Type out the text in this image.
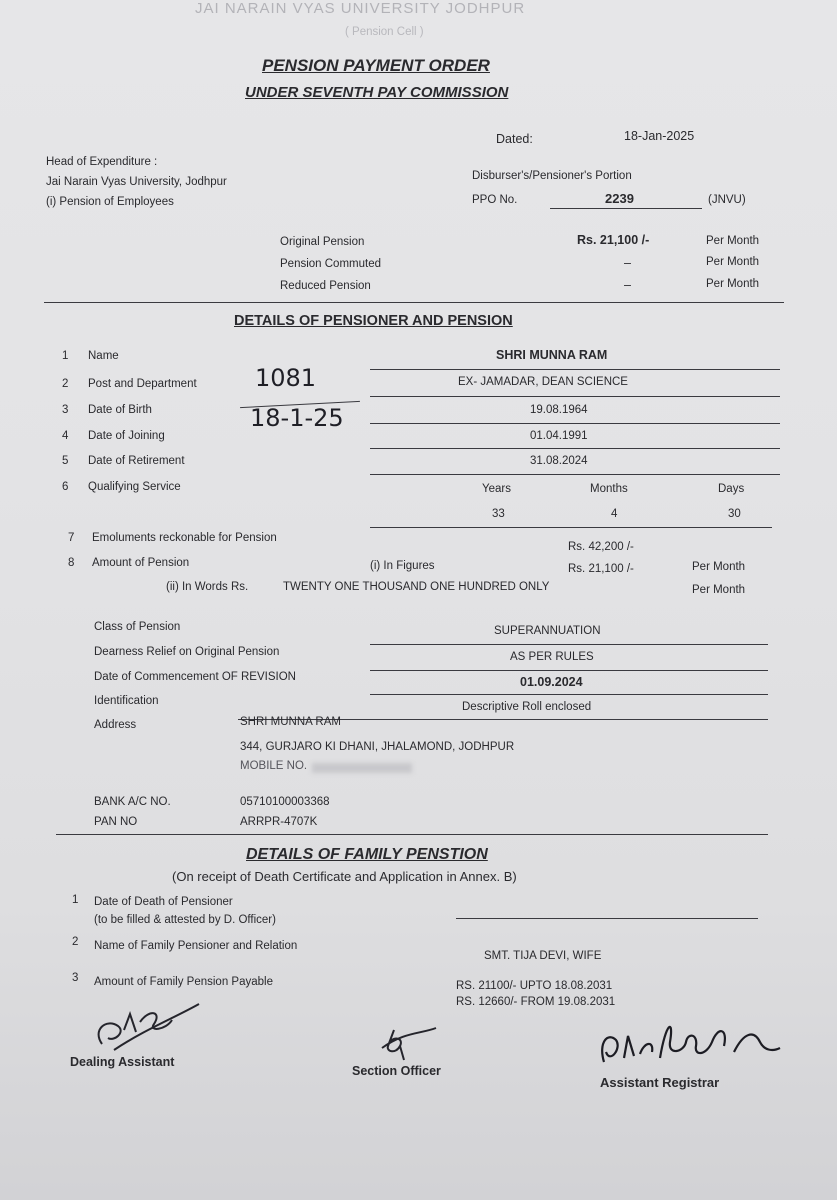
JAI NARAIN VYAS UNIVERSITY JODHPUR
( Pension Cell )
PENSION PAYMENT ORDER
UNDER SEVENTH PAY COMMISSION
Dated:	18-Jan-2025
Head of Expenditure :
Jai Narain Vyas University, Jodhpur
(i) Pension of Employees
Disburser's/Pensioner's Portion
PPO No.	2239	(JNVU)
Original Pension	Rs. 21,100 /-	Per Month
Pension Commuted	–	Per Month
Reduced Pension	–	Per Month
DETAILS OF PENSIONER AND PENSION
1 Name	SHRI MUNNA RAM
2 Post and Department	EX- JAMADAR, DEAN SCIENCE
3 Date of Birth	19.08.1964
4 Date of Joining	01.04.1991
5 Date of Retirement	31.08.2024
6 Qualifying Service
1081
18-1-25
Years	Months	Days
33	4	30
7 Emoluments reckonable for Pension
Rs. 42,200 /-
8 Amount of Pension	(i) In Figures	Rs. 21,100 /-	Per Month
(ii) In Words Rs.	TWENTY ONE THOUSAND ONE HUNDRED ONLY	Per Month
Class of Pension	SUPERANNUATION
Dearness Relief on Original Pension	AS PER RULES
Date of Commencement OF REVISION	01.09.2024
Identification	Descriptive Roll enclosed
Address	SHRI MUNNA RAM
344, GURJARO KI DHANI, JHALAMOND, JODHPUR
MOBILE NO.
BANK A/C NO.	05710100003368
PAN NO	ARRPR-4707K
DETAILS OF FAMILY PENSTION
(On receipt of Death Certificate and Application in Annex. B)
1 Date of Death of Pensioner
(to be filled & attested by D. Officer)
2 Name of Family Pensioner and Relation
SMT. TIJA DEVI, WIFE
3 Amount of Family Pension Payable	RS. 21100/- UPTO 18.08.2031
RS. 12660/- FROM 19.08.2031
Dealing Assistant
Section Officer
Assistant Registrar
